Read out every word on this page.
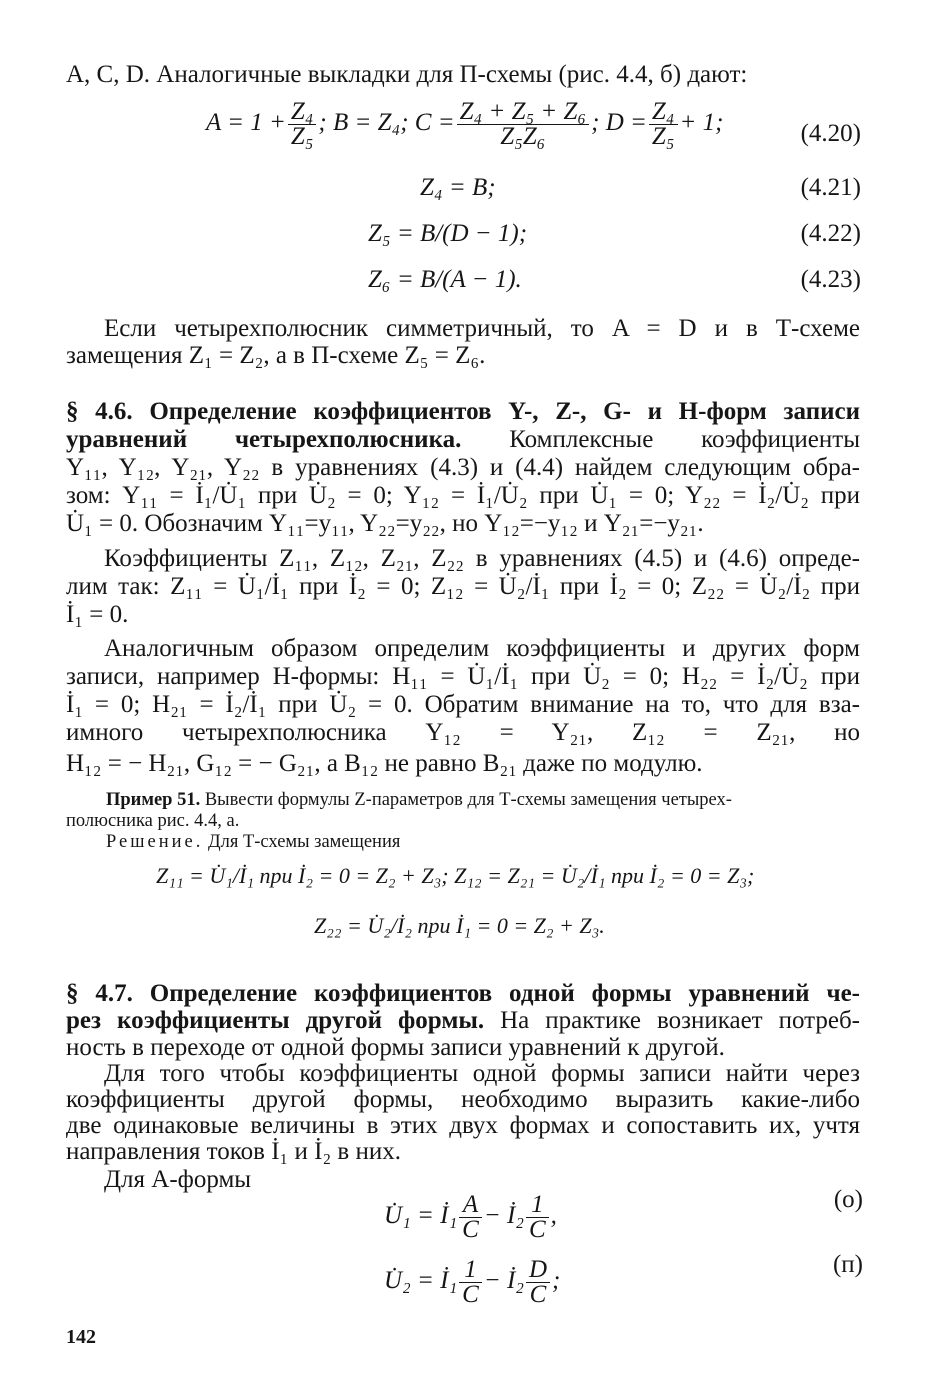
A, C, D. Аналогичные выкладки для П-схемы (рис. 4.4, б) дают:
$A = 1 + \frac{\text{Z₄}}{\text{Z₅}}$ ; B = Z₄; $C = \frac{\text{Z₄ + Z₅ + Z₆}}{\text{Z₅Z₆}}$ ; $D = \frac{\text{Z₄}}{\text{Z₅}} + 1$;	(4.20)
Z₄ = B;	(4.21)
Z₅ = B/(D − 1);	(4.22)
Z₆ = B/(A − 1).	(4.23)
Если четырехполюсник симметричный, то A = D и в Т-схеме
замещения Z₁ = Z₂, а в П-схеме Z₅ = Z₆.
§ 4.6. Определение коэффициентов Y-, Z-, G- и H-форм записи
уравнений четырехполюсника. Комплексные коэффициенты
Y₁₁, Y₁₂, Y₂₁, Y₂₂ в уравнениях (4.3) и (4.4) найдем следующим обра-
зом: Y₁₁ = İ₁/U̇₁ при U̇₂ = 0; Y₁₂ = İ₁/U̇₂ при U̇₁ = 0; Y₂₂ = İ₂/U̇₂ при
U̇₁ = 0. Обозначим Y₁₁=y₁₁, Y₂₂=y₂₂, но Y₁₂=−y₁₂ и Y₂₁=−y₂₁.
Коэффициенты Z₁₁, Z₁₂, Z₂₁, Z₂₂ в уравнениях (4.5) и (4.6) опреде-
лим так: Z₁₁ = U̇₁/İ₁ при İ₂ = 0; Z₁₂ = U̇₂/İ₁ при İ₂ = 0; Z₂₂ = U̇₂/İ₂ при
İ₁ = 0.
Аналогичным образом определим коэффициенты и других форм
записи, например H-формы: H₁₁ = U̇₁/İ₁ при U̇₂ = 0; H₂₂ = İ₂/U̇₂ при
İ₁ = 0; H₂₁ = İ₂/İ₁ при U̇₂ = 0. Обратим внимание на то, что для вза-
имного четырехполюсника Y₁₂ = Y₂₁, Z₁₂ = Z₂₁, но
H₁₂ = − H₂₁, G₁₂ = − G₂₁, а B₁₂ не равно B₂₁ даже по модулю.
Пример 51. Вывести формулы Z-параметров для Т-схемы замещения четырех-
полюсника рис. 4.4, а.
Решение. Для Т-схемы замещения
Z₁₁ = U̇₁/İ₁ при İ₂ = 0 = Z₂ + Z₃; Z₁₂ = Z₂₁ = U̇₂/İ₁ при İ₂ = 0 = Z₃;
Z₂₂ = U̇₂/İ₂ при İ₁ = 0 = Z₂ + Z₃.
§ 4.7. Определение коэффициентов одной формы уравнений че-
рез коэффициенты другой формы. На практике возникает потреб-
ность в переходе от одной формы записи уравнений к другой.
Для того чтобы коэффициенты одной формы записи найти через
коэффициенты другой формы, необходимо выразить какие-либо
две одинаковые величины в этих двух формах и сопоставить их, учтя
направления токов İ₁ и İ₂ в них.
Для A-формы
U̇₁ = İ₁ $\frac{A}{C}$ − İ₂ $\frac{1}{C}$ ,
(о)
U̇₂ = İ₁ $\frac{1}{C}$ − İ₂ $\frac{D}{C}$ ;
(п)
142
